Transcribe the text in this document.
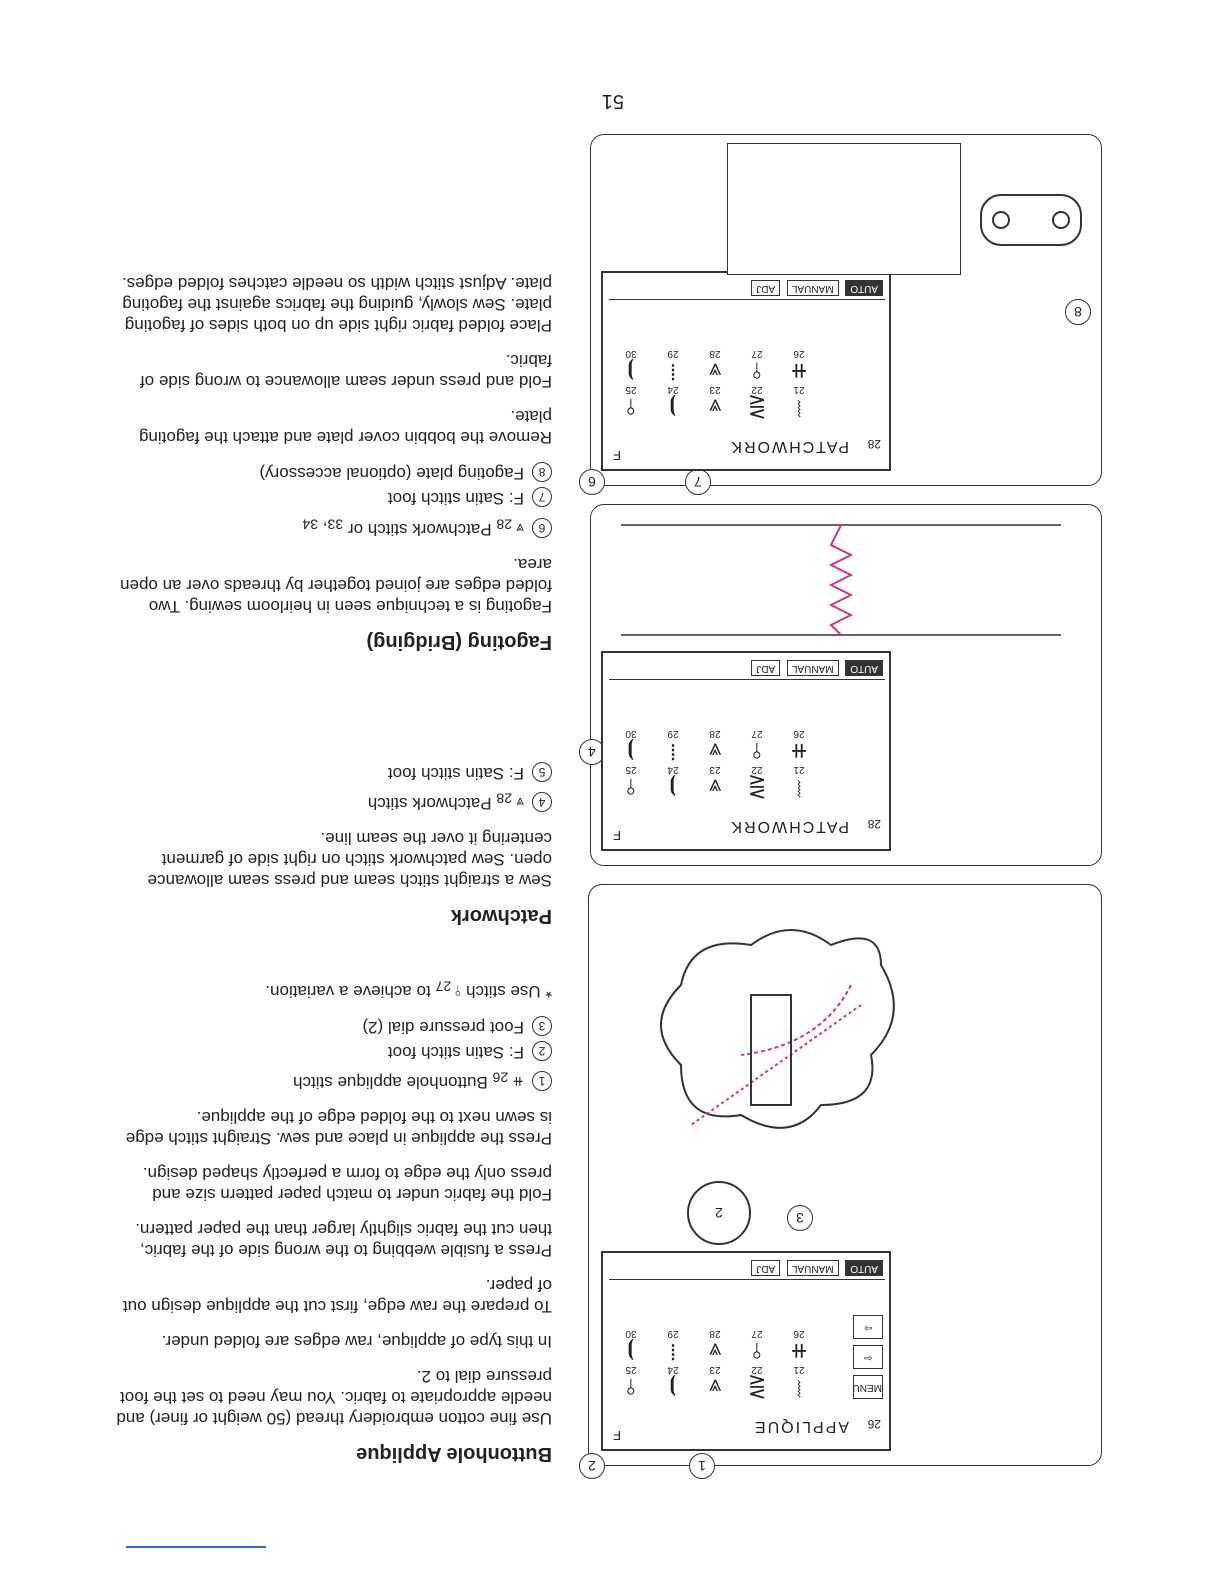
51
Buttonhole Applique

Use fine cotton embroidery thread (50 weight or finer) and needle appropriate to fabric. You may need to set the foot pressure dial to 2.

In this type of applique, raw edges are folded under.

To prepare the raw edge, first cut the applique design out of paper.

Press a fusible webbing to the wrong side of the fabric, then cut the fabric slightly larger than the paper pattern.

Fold the fabric under to match paper pattern size and press only the edge to form a perfectly shaped design.

Press the applique in place and sew. Straight stitch edge is sewn next to the folded edge of the applique.

$1⧺_{26}$ Buttonhole applique stitch
2F: Satin stitch foot
3Foot pressure dial (2)

* Use stitch $⫯_{27}$ to achieve a variation.

Patchwork

Sew a straight stitch seam and press seam allowance open. Sew patchwork stitch on right side of garment centering it over the seam line.

$4⩔_{28}$ Patchwork stitch
5F: Satin stitch foot
Fagoting (Bridging)

Fagoting is a technique seen in heirloom sewing. Two folded edges are joined together by threads over an open area.

$6⩔_{28}$ Patchwork stitch or $_{33}$, $_{34}$
7F: Satin stitch foot
8Fagoting plate (optional accessory)

Remove the bobbin cover plate and attach the fagoting plate.

Fold and press under seam allowance to wrong side of fabric.

Place folded fabric right side up on both sides of fagoting plate. Sew slowly, guiding the fabrics against the fagoting plate. Adjust stitch width so needle catches folded edges.

1
2
26
APPLIQUE
F
MENU
⇦
⇨
⦚
21
⋛
22
⩔
23
⦘
24
⫯
25
⧺
26
⫯
27
⩔
28
⦙
29
⦘
30
AUTO MANUAL ADJ
3
2
4
28
PATCHWORK
F
AUTO MANUAL ADJ
⦚
21
⋛
22
⩔
23
⦘
24
⫯
25
⧺
26
⫯
27
⩔
28
⦙
29
⦘
30
6	7
8
28
PATCHWORK
F
AUTO MANUAL ADJ
⦚
21
⋛
22
⩔
23
⦘
24
⫯
25
⧺
26
⫯
27
⩔
28
⦙
29
⦘
30
